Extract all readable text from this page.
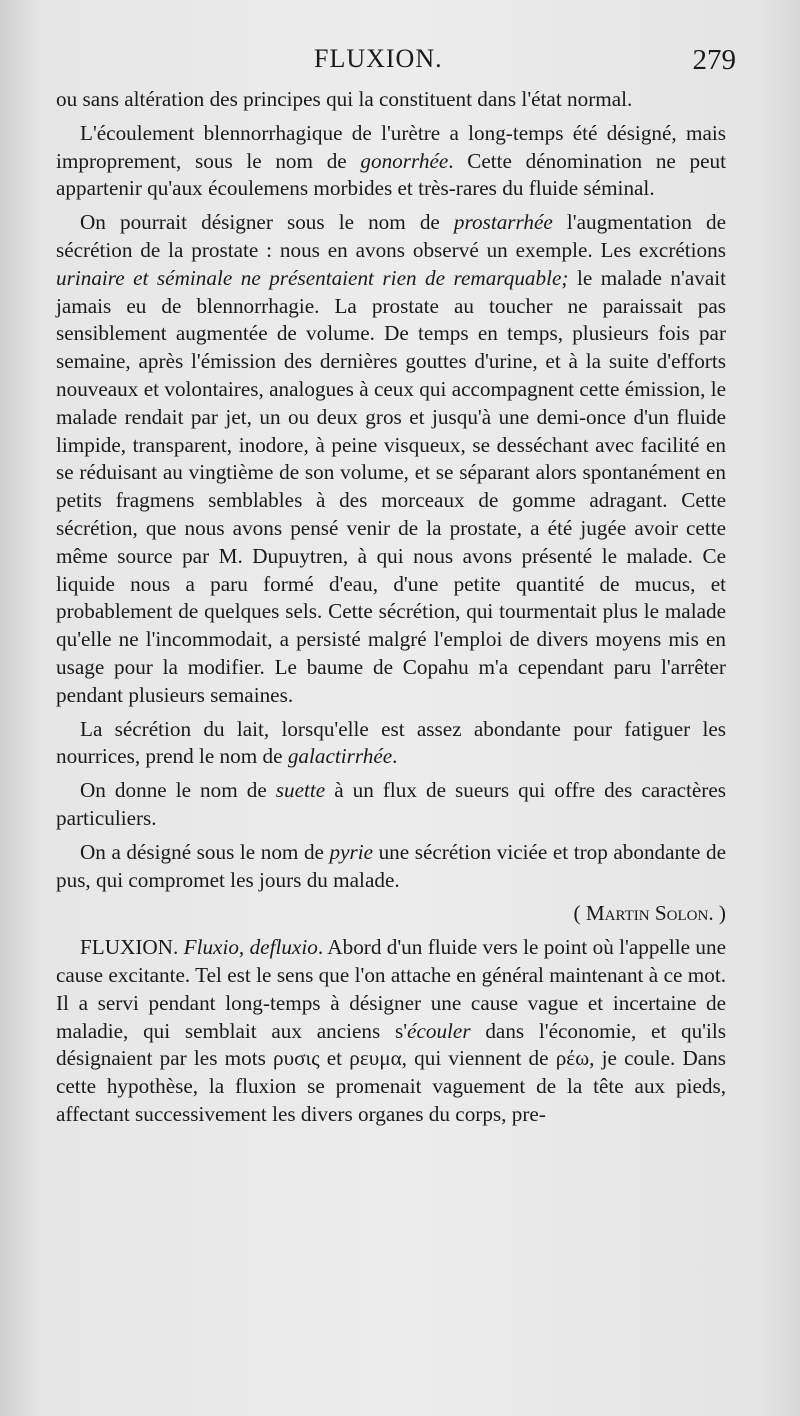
FLUXION.	279

ou sans altération des principes qui la constituent dans l'état normal.

L'écoulement blennorrhagique de l'urètre a long-temps été désigné, mais improprement, sous le nom de gonorrhée. Cette dénomination ne peut appartenir qu'aux écoulemens morbides et très-rares du fluide séminal.

On pourrait désigner sous le nom de prostarrhée l'augmentation de sécrétion de la prostate : nous en avons observé un exemple. Les excrétions urinaire et séminale ne présentaient rien de remarquable; le malade n'avait jamais eu de blennorrhagie. La prostate au toucher ne paraissait pas sensiblement augmentée de volume. De temps en temps, plusieurs fois par semaine, après l'émission des dernières gouttes d'urine, et à la suite d'efforts nouveaux et volontaires, analogues à ceux qui accompagnent cette émission, le malade rendait par jet, un ou deux gros et jusqu'à une demi-once d'un fluide limpide, transparent, inodore, à peine visqueux, se desséchant avec facilité en se réduisant au vingtième de son volume, et se séparant alors spontanément en petits fragmens semblables à des morceaux de gomme adragant. Cette sécrétion, que nous avons pensé venir de la prostate, a été jugée avoir cette même source par M. Dupuytren, à qui nous avons présenté le malade. Ce liquide nous a paru formé d'eau, d'une petite quantité de mucus, et probablement de quelques sels. Cette sécrétion, qui tourmentait plus le malade qu'elle ne l'incommodait, a persisté malgré l'emploi de divers moyens mis en usage pour la modifier. Le baume de Copahu m'a cependant paru l'arrêter pendant plusieurs semaines.

La sécrétion du lait, lorsqu'elle est assez abondante pour fatiguer les nourrices, prend le nom de galactirrhée.

On donne le nom de suette à un flux de sueurs qui offre des caractères particuliers.

On a désigné sous le nom de pyrie une sécrétion viciée et trop abondante de pus, qui compromet les jours du malade.

( Martin Solon. )

FLUXION. Fluxio, defluxio. Abord d'un fluide vers le point où l'appelle une cause excitante. Tel est le sens que l'on attache en général maintenant à ce mot. Il a servi pendant long-temps à désigner une cause vague et incertaine de maladie, qui semblait aux anciens s'écouler dans l'économie, et qu'ils désignaient par les mots ρυσις et ρευμα, qui viennent de ρέω, je coule. Dans cette hypothèse, la fluxion se promenait vaguement de la tête aux pieds, affectant successivement les divers organes du corps, pre-
